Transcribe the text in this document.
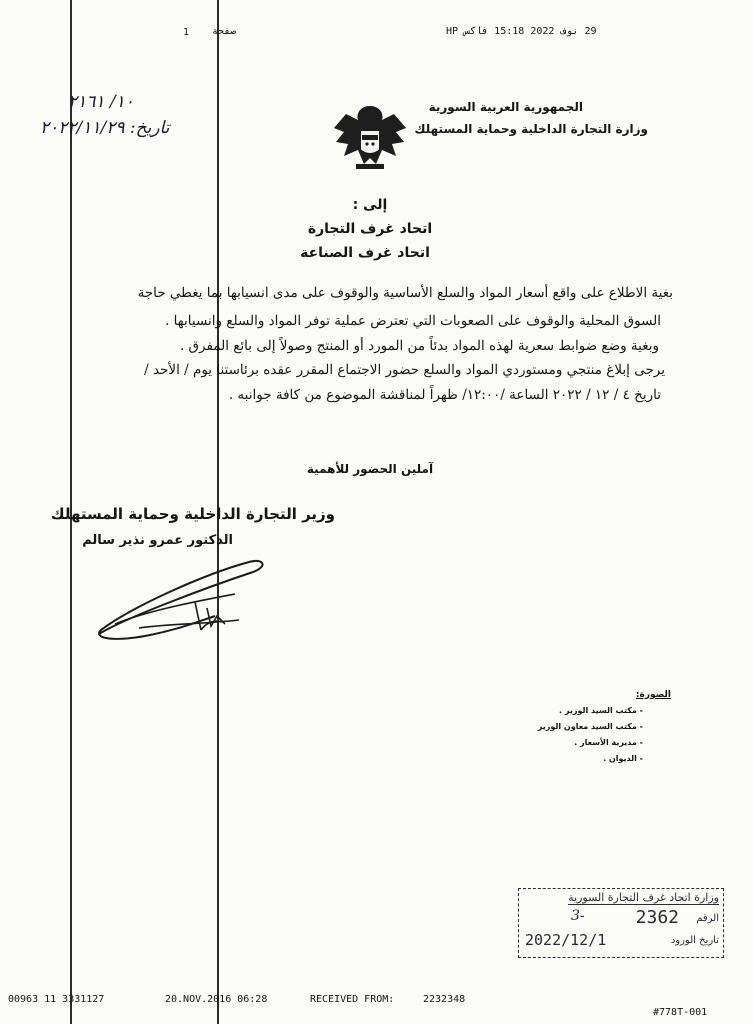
1 صفحة	29 نوف 2022 15:18 فاكس HP
١٠/ ٢١٦١
تاريخ: ٢٠٢٢/١١/٢٩
الجمهورية العربية السورية
وزارة التجارة الداخلية وحماية المستهلك
إلى :
اتحاد غرف التجارة
اتحاد غرف الصناعة
بغية الاطلاع على واقع أسعار المواد والسلع الأساسية والوقوف على مدى انسيابها بما يغطي حاجة
السوق المحلية والوقوف على الصعوبات التي تعترض عملية توفر المواد والسلع وانسيابها .
وبغية وضع ضوابط سعرية لهذه المواد بدئاً من المورد أو المنتج وصولاً إلى بائع المفرق .
يرجى إبلاغ منتجي ومستوردي المواد والسلع حضور الاجتماع المقرر عقده برئاستنا يوم / الأحد /
تاريخ ٤ / ١٢ / ٢٠٢٢ الساعة /١٢:٠٠/ ظهراً لمناقشة الموضوع من كافة جوانبه .
آملين الحضور للأهمية
وزير التجارة الداخلية وحماية المستهلك
الدكتور عمرو نذير سالم
الصورة:
- مكتب السيد الوزير .
- مكتب السيد معاون الوزير
- مديرية الأسعار .
- الديوان .
وزارة اتحاد غرف التجارة السورية
الرقم
2362
3-
تاريخ الورود
2022/12/1
00963 11 3331127	20.NOV.2016 06:28	RECEIVED FROM:	2232348
#778T-001
